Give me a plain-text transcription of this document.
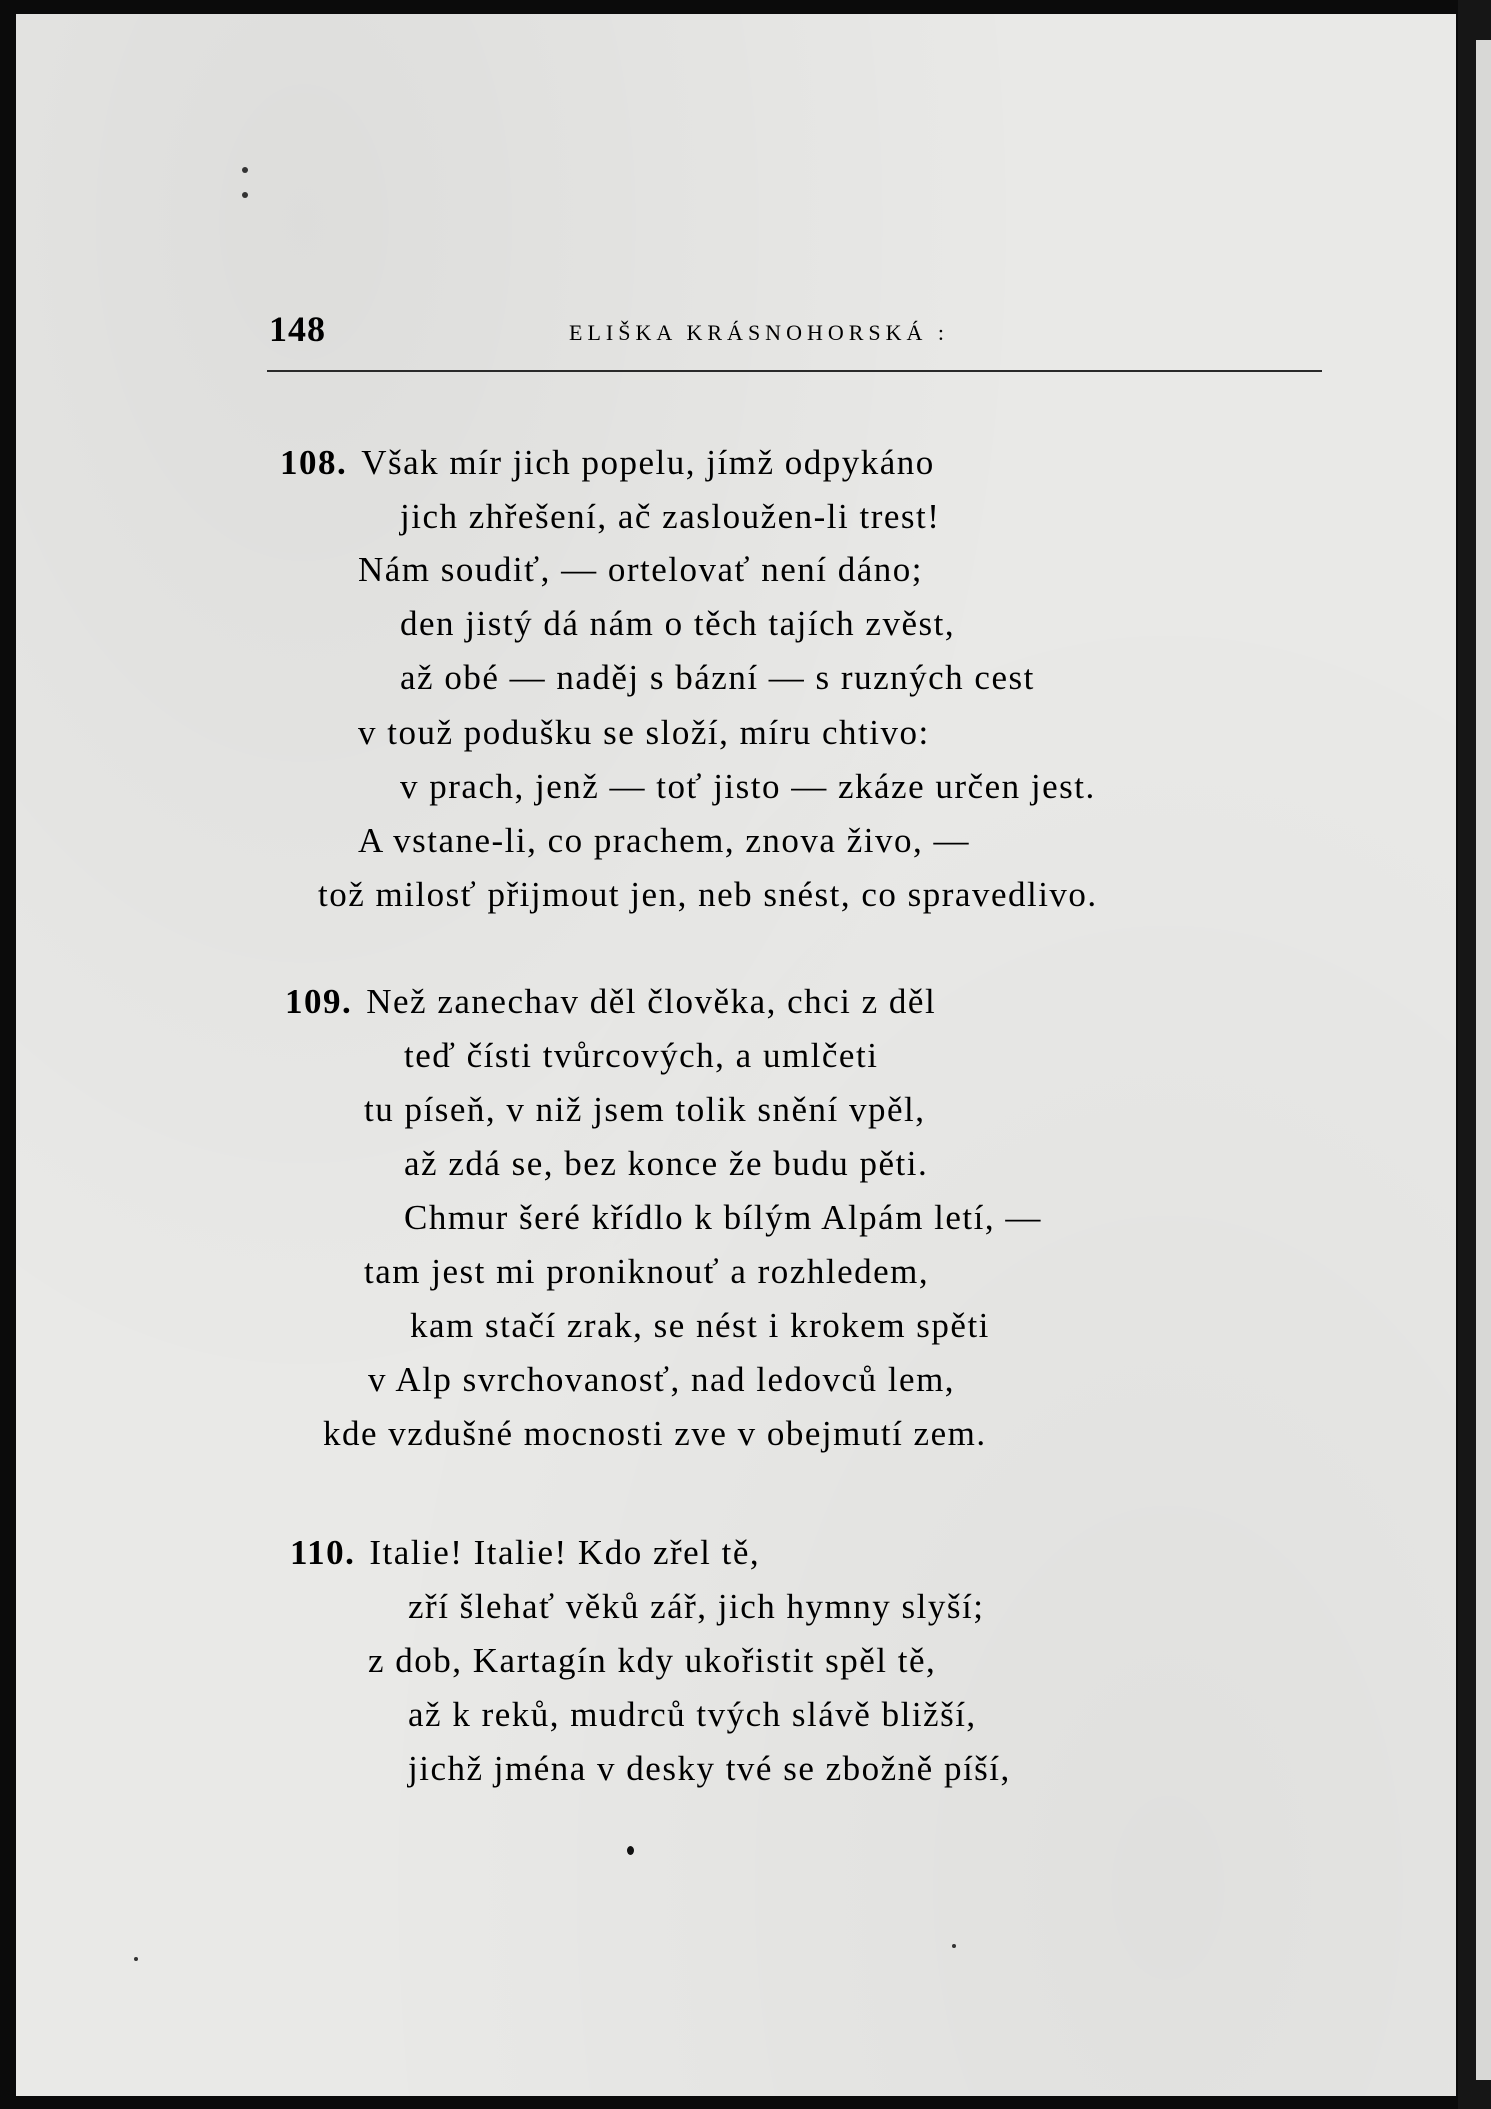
148	ELIŠKA KRÁSNOHORSKÁ :
108. Však mír jich popelu, jímž odpykáno
jich zhřešení, ač zasloužen-li trest!
Nám soudiť, — ortelovať není dáno;
den jistý dá nám o těch tajích zvěst,
až obé — naděj s bázní — s ruzných cest
v touž podušku se složí, míru chtivo:
v prach, jenž — toť jisto — zkáze určen jest.
A vstane-li, co prachem, znova živo, —
tož milosť přijmout jen, neb snést, co spravedlivo.
109. Než zanechav děl člověka, chci z děl
teď čísti tvůrcových, a umlčeti
tu píseň, v niž jsem tolik snění vpěl,
až zdá se, bez konce že budu pěti.
Chmur šeré křídlo k bílým Alpám letí, —
tam jest mi proniknouť a rozhledem,
kam stačí zrak, se nést i krokem spěti
v Alp svrchovanosť, nad ledovců lem,
kde vzdušné mocnosti zve v obejmutí zem.
110. Italie! Italie! Kdo zřel tě,
zří šlehať věků zář, jich hymny slyší;
z dob, Kartagín kdy ukořistit spěl tě,
až k reků, mudrců tvých slávě bližší,
jichž jména v desky tvé se zbožně píší,
